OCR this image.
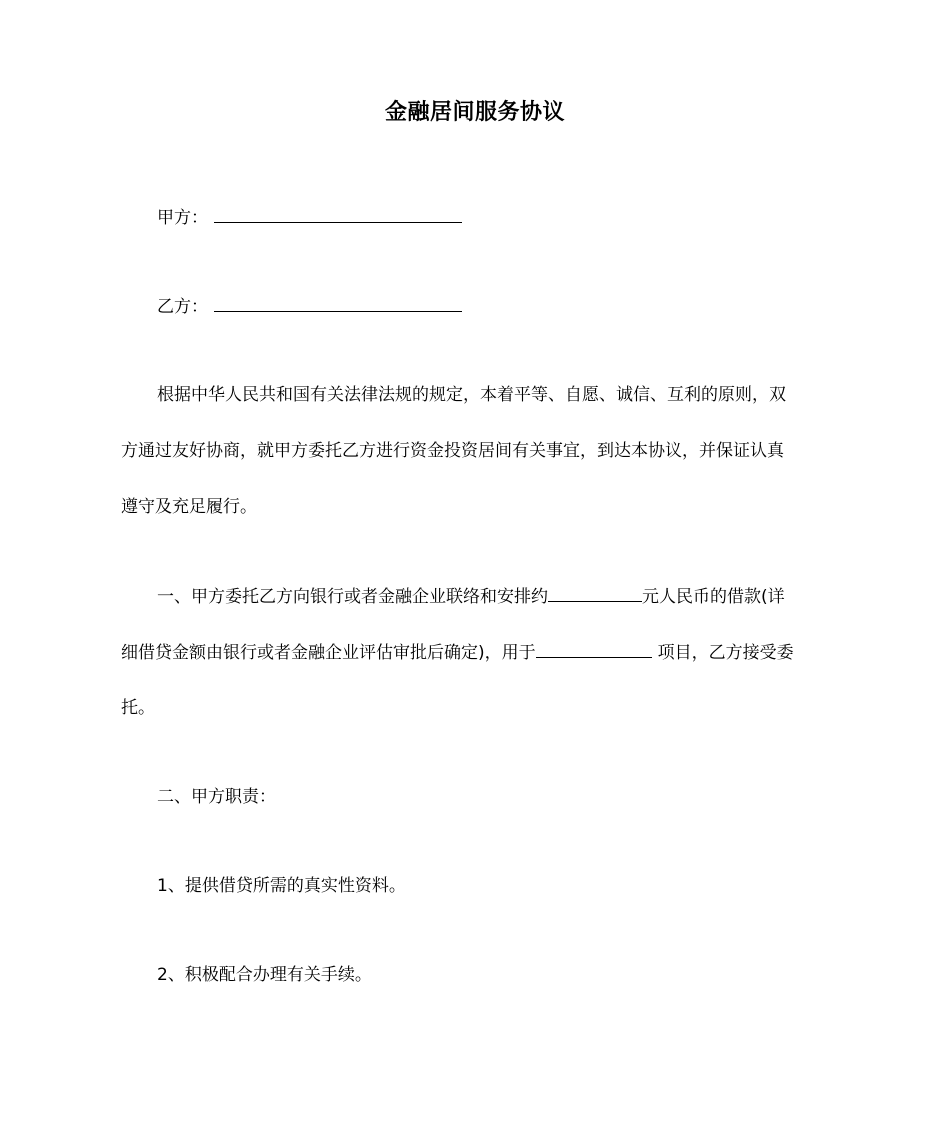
金融居间服务协议
甲方：
乙方：
根据中华人民共和国有关法律法规的规定，本着平等、自愿、诚信、互利的原则，双
方通过友好协商，就甲方委托乙方进行资金投资居间有关事宜，到达本协议，并保证认真
遵守及充足履行。
一、甲方委托乙方向银行或者金融企业联络和安排约	元人民币的借款(详
细借贷金额由银行或者金融企业评估审批后确定)，用于	项目，乙方接受委
托。
二、甲方职责：
1、提供借贷所需的真实性资料。
2、积极配合办理有关手续。
